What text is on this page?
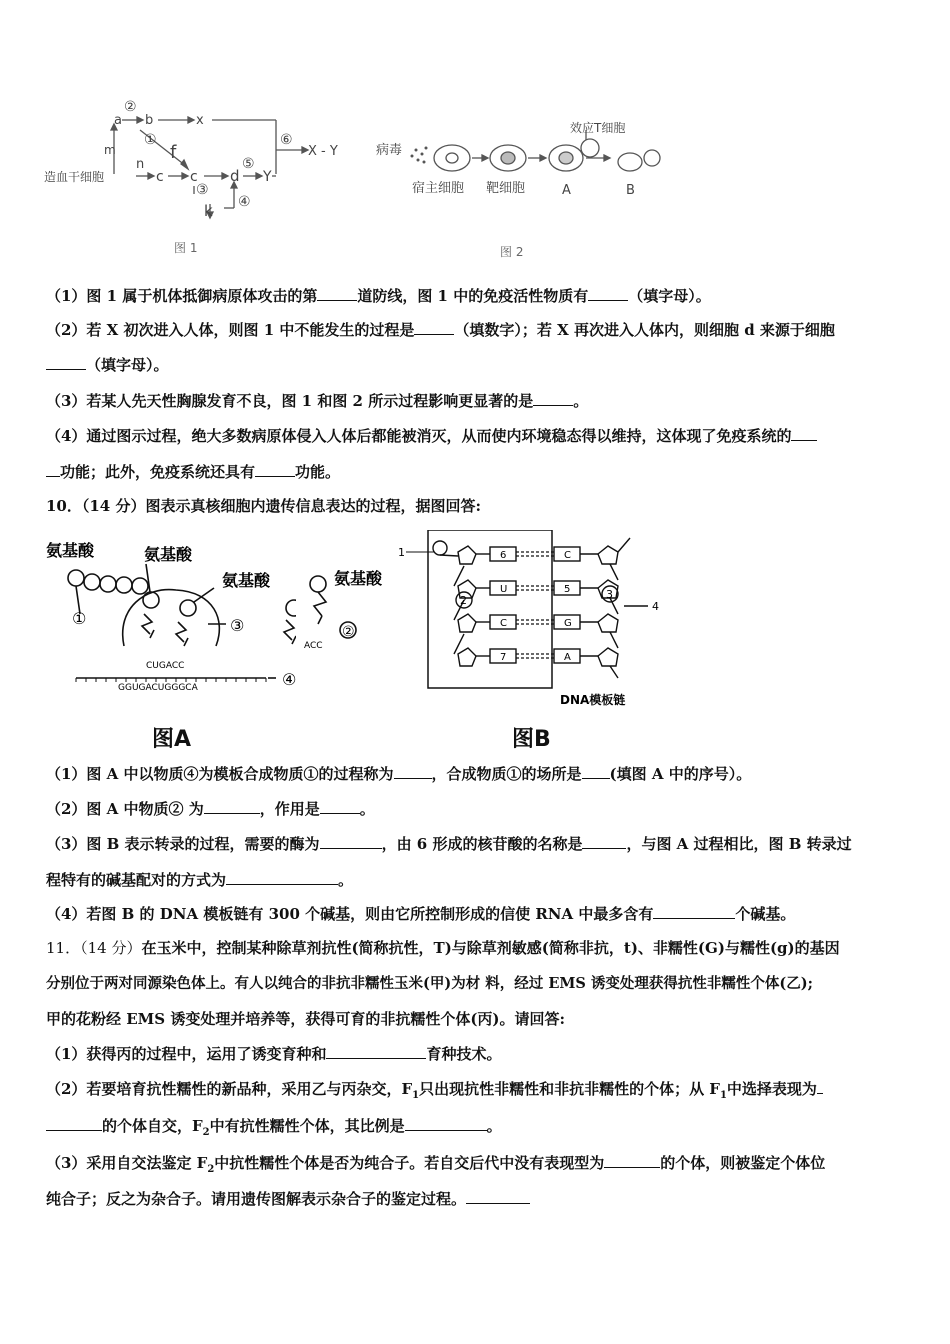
造血干细胞
m
n
c c
a b	x
f
d Y
k
X - Y
②
①
③
④
⑤
⑥
图 1
病毒
效应T细胞
宿主细胞 靶细胞	A	B
图 2
（1）图 1 属于机体抵御病原体攻击的第	道防线，图 1 中的免疫活性物质有	（填字母）。
（2）若 X 初次进入人体，则图 1 中不能发生的过程是	（填数字）；若 X 再次进入人体内，则细胞 d 来源于细胞
（填字母）。
（3）若某人先天性胸腺发育不良，图 1 和图 2 所示过程影响更显著的是	。
（4）通过图示过程，绝大多数病原体侵入人体后都能被消灭，从而使内环境稳态得以维持，这体现了免疫系统的
功能；此外，免疫系统还具有	功能。
10．（14 分）图表示真核细胞内遗传信息表达的过程，据图回答:
氨基酸	氨基酸
氨基酸
①	③
④
CUGACC
GGUGACUGGGCA
氨基酸
②
ACC
图A
1	6
U
C
7
C
5
G
A
2	3
4
DNA模板链
图B
（1）图 A 中以物质④为模板合成物质①的过程称为	，合成物质①的场所是 (填图 A 中的序号）。
（2）图 A 中物质② 为	，作用是	。
（3）图 B 表示转录的过程，需要的酶为	，由 6 形成的核苷酸的名称是	，与图 A 过程相比，图 B 转录过
程特有的碱基配对的方式为	。
（4）若图 B 的 DNA 模板链有 300 个碱基，则由它所控制形成的信使 RNA 中最多含有	个碱基。
11．（14 分）在玉米中，控制某种除草剂抗性(简称抗性，T)与除草剂敏感(简称非抗，t)、非糯性(G)与糯性(g)的基因
分别位于两对同源染色体上。有人以纯合的非抗非糯性玉米(甲)为材 料，经过 EMS 诱变处理获得抗性非糯性个体(乙);
甲的花粉经 EMS 诱变处理并培养等，获得可育的非抗糯性个体(丙)。请回答:
（1）获得丙的过程中，运用了诱变育种和	育种技术。
（2）若要培育抗性糯性的新品种，采用乙与丙杂交，$F_1$只出现抗性非糯性和非抗非糯性的个体；从 $F_1$中选择表现为
的个体自交，$F_2$中有抗性糯性个体，其比例是	。
（3）采用自交法鉴定 $F_2$中抗性糯性个体是否为纯合子。若自交后代中没有表现型为	的个体，则被鉴定个体位
纯合子；反之为杂合子。请用遗传图解表示杂合子的鉴定过程。
